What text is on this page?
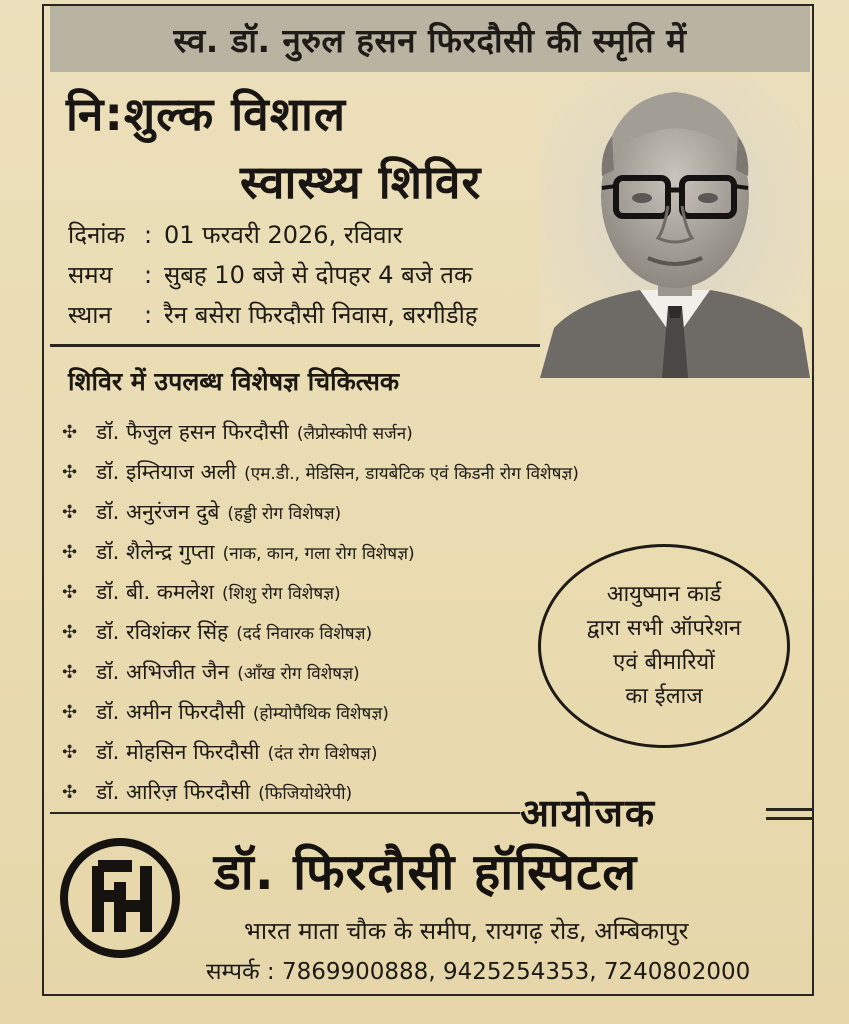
स्व. डॉ. नुरुल हसन फिरदौसी की स्मृति में
नि:शुल्क विशाल
स्वास्थ्य शिविर
दिनांक : 01 फरवरी 2026, रविवार
समय : सुबह 10 बजे से दोपहर 4 बजे तक
स्थान : रैन बसेरा फिरदौसी निवास, बरगीडीह
शिविर में उपलब्ध विशेषज्ञ चिकित्सक
✣ डॉ. फैजुल हसन फिरदौसी (लैप्रोस्कोपी सर्जन)
✣ डॉ. इम्तियाज अली (एम.डी., मेडिसिन, डायबेटिक एवं किडनी रोग विशेषज्ञ)
✣ डॉ. अनुरंजन दुबे (हड्डी रोग विशेषज्ञ)
✣ डॉ. शैलेन्द्र गुप्ता (नाक, कान, गला रोग विशेषज्ञ)
✣ डॉ. बी. कमलेश (शिशु रोग विशेषज्ञ)
✣ डॉ. रविशंकर सिंह (दर्द निवारक विशेषज्ञ)
✣ डॉ. अभिजीत जैन (आँख रोग विशेषज्ञ)
✣ डॉ. अमीन फिरदौसी (होम्योपैथिक विशेषज्ञ)
✣ डॉ. मोहसिन फिरदौसी (दंत रोग विशेषज्ञ)
✣ डॉ. आरिज़ फिरदौसी (फिजियोथेरेपी)
आयुष्मान कार्ड
द्वारा सभी ऑपरेशन
एवं बीमारियों
का ईलाज
आयोजक
डॉ. फिरदौसी हॉस्पिटल
भारत माता चौक के समीप, रायगढ़ रोड, अम्बिकापुर
सम्पर्क : 7869900888, 9425254353, 7240802000
